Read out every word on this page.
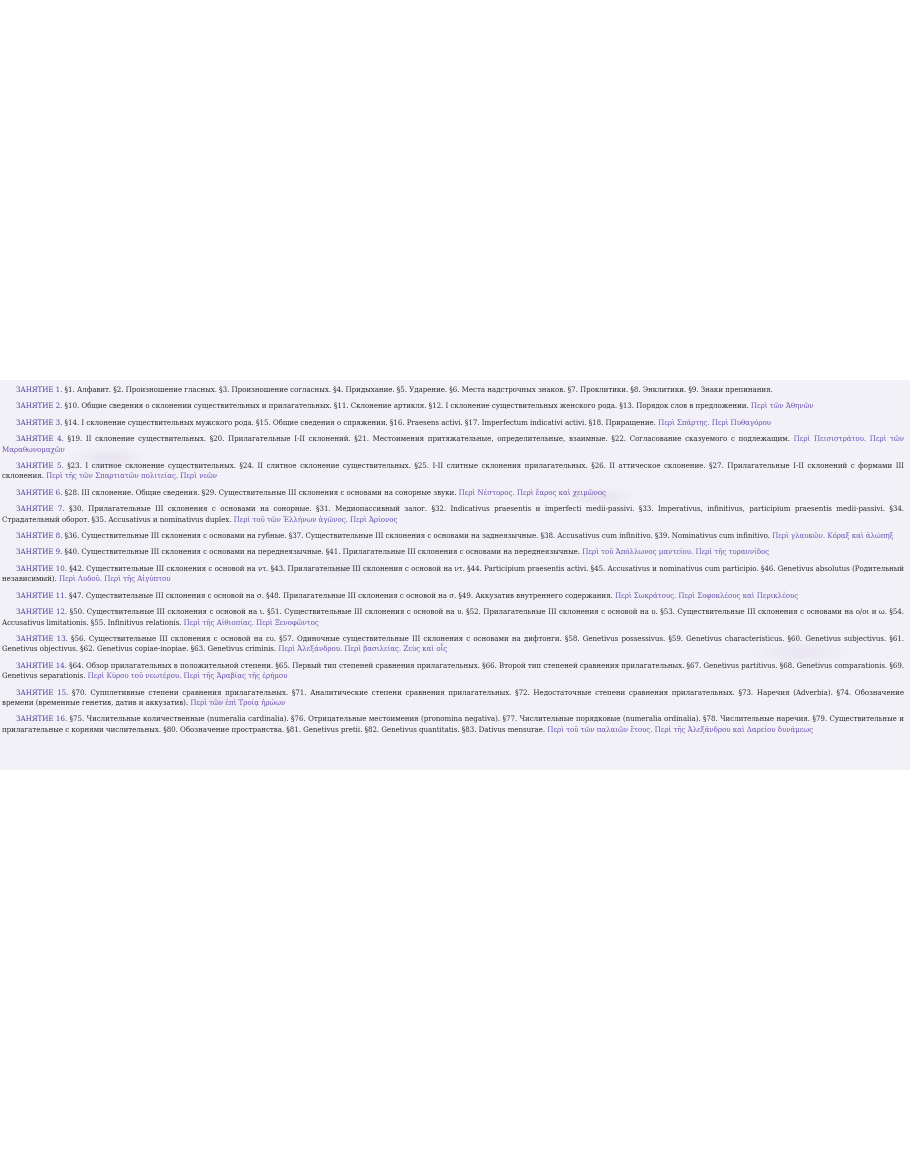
ЗАНЯТИЕ 1. §1. Алфавит. §2. Произношение гласных. §3. Произношение согласных. §4. Придыхание. §5. Ударение. §6. Места надстрочных знаков. §7. Проклитики. §8. Энклитики. §9. Знаки препинания.

ЗАНЯТИЕ 2. §10. Общие сведения о склонении существительных и прилагательных. §11. Склонение артикля. §12. I склонение существительных женского рода. §13. Порядок слов в предложении. Περὶ τῶν Ἀθηνῶν

ЗАНЯТИЕ 3. §14. I склонение существительных мужского рода. §15. Общие сведения о спряжении. §16. Praesens activi. §17. Imperfectum indicativi activi. §18. Приращение. Περὶ Σπάρτης. Περὶ Πυθαγόρου

ЗАНЯТИЕ 4. §19. II склонение существительных. §20. Прилагательные I-II склонений. §21. Местоимения притяжательные, определительные, взаимные. §22. Согласование сказуемого с подлежащим. Περὶ Πεισιστράτου. Περὶ τῶν Μαραθωνομαχῶν

ЗАНЯТИЕ 5. §23. I слитное склонение существительных. §24. II слитное склонение существительных. §25. I-II слитные склонения прилагательных. §26. II аттическое склонение. §27. Прилагательные I-II склонений с формами III склонения. Περὶ τῆς τῶν Σπαρτιατῶν πολιτείας. Περὶ νεῶν

ЗАНЯТИЕ 6. §28. III склонение. Общие сведения. §29. Существительные III склонения с основами на сонорные звуки. Περὶ Νέστορος. Περὶ ἔαρος καὶ χειμῶνος

ЗАНЯТИЕ 7. §30. Прилагательные III склонения с основами на сонорные. §31. Медиопассивный залог. §32. Indicativus praesentis и imperfecti medii-passivi. §33. Imperativus, infinitivus, participium praesentis medii-passivi. §34. Страдательный оборот. §35. Accusativus и nominativus duplex. Περὶ τοῦ τῶν Ἑλλήνων ἀγῶνος. Περὶ Ἀρίονος

ЗАНЯТИЕ 8. §36. Существительные III склонения с основами на губные. §37. Существительные III склонения с основами на заднеязычные. §38. Accusativus cum infinitivo. §39. Nominativus cum infinitivo. Περὶ γλαυκῶν. Κόραξ καὶ ἀλώπηξ

ЗАНЯТИЕ 9. §40. Существительные III склонения с основами на переднеязычные. §41. Прилагательные III склонения с основами на переднеязычные. Περὶ τοῦ Ἀπόλλωνος μαντείου. Περὶ τῆς τυραννίδος

ЗАНЯТИЕ 10. §42. Существительные III склонения с основой на ντ. §43. Прилагательные III склонения с основой на ντ. §44. Participium praesentis activi. §45. Accusativus и nominativus cum participio. §46. Genetivus absolutus (Родительный независимый). Περὶ Λυδοῦ. Περὶ τῆς Αἰγύπτου

ЗАНЯТИЕ 11. §47. Существительные III склонения с основой на σ. §48. Прилагательные III склонения с основой на σ. §49. Аккузатив внутреннего содержания. Περὶ Σωκράτους. Περὶ Σοφοκλέους καὶ Περικλέους

ЗАНЯТИЕ 12. §50. Существительные III склонения с основой на ι. §51. Существительные III склонения с основой на υ. §52. Прилагательные III склонения с основой на υ. §53. Существительные III склонения с основами на ο/οι и ω. §54. Accusativus limitationis. §55. Infinitivus relationis. Περὶ τῆς Αἰθιοπίας. Περὶ Ξενοφῶντος

ЗАНЯТИЕ 13. §56. Существительные III склонения с основой на ευ. §57. Одиночные существительные III склонения с основами на дифтонги. §58. Genetivus possessivus. §59. Genetivus characteristicus. §60. Genetivus subjectivus. §61. Genetivus objectivus. §62. Genetivus copiae-inopiae. §63. Genetivus criminis. Περὶ Ἀλεξάνδρου. Περὶ βασιλείας. Ζεὺς καὶ οἶς

ЗАНЯТИЕ 14. §64. Обзор прилагательных в положительной степени. §65. Первый тип степеней сравнения прилагательных. §66. Второй тип степеней сравнения прилагательных. §67. Genetivus partitivus. §68. Genetivus comparationis. §69. Genetivus separationis. Περὶ Κύρου τοῦ νεωτέρου. Περὶ τῆς Ἀραβίας τῆς ἐρήμου

ЗАНЯТИЕ 15. §70. Супплетивные степени сравнения прилагательных. §71. Аналитические степени сравнения прилагательных. §72. Недостаточные степени сравнения прилагательных. §73. Наречия (Adverbia). §74. Обозначение времени (временные генетив, датив и аккузатив). Περὶ τῶν ἐπὶ Τροίᾳ ἡρώων

ЗАНЯТИЕ 16. §75. Числительные количественные (numeralia cardinalia). §76. Отрицательные местоимения (pronomina negativa). §77. Числительные порядковые (numeralia ordinalia). §78. Числительные наречия. §79. Существительные и прилагательные с корнями числительных. §80. Обозначение пространства. §81. Genetivus pretii. §82. Genetivus quantitatis. §83. Dativus mensurae. Περὶ τοῦ τῶν παλαιῶν ἔτους. Περὶ τῆς Ἀλεξάνδρου καὶ Δαρείου δυνάμεως
